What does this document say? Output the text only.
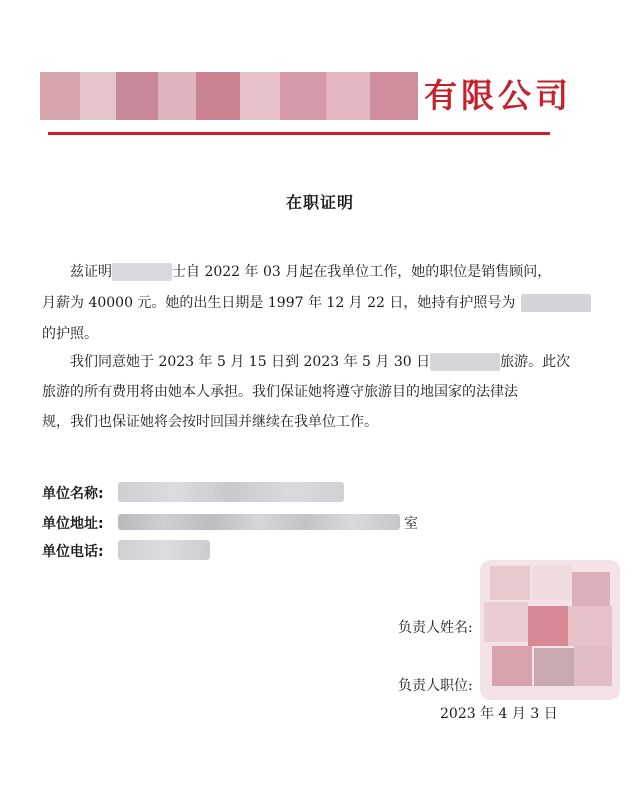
有限公司
在职证明
兹证明	士自 2022 年 03 月起在我单位工作，她的职位是销售顾问，
月薪为 40000 元。她的出生日期是 1997 年 12 月 22 日，她持有护照号为
的护照。
我们同意她于 2023 年 5 月 15 日到 2023 年 5 月 30 日	旅游。此次
旅游的所有费用将由她本人承担。我们保证她将遵守旅游目的地国家的法律法
规，我们也保证她将会按时回国并继续在我单位工作。
单位名称:
单位地址:	室
单位电话:
负责人姓名:
负责人职位:
2023 年 4 月 3 日
